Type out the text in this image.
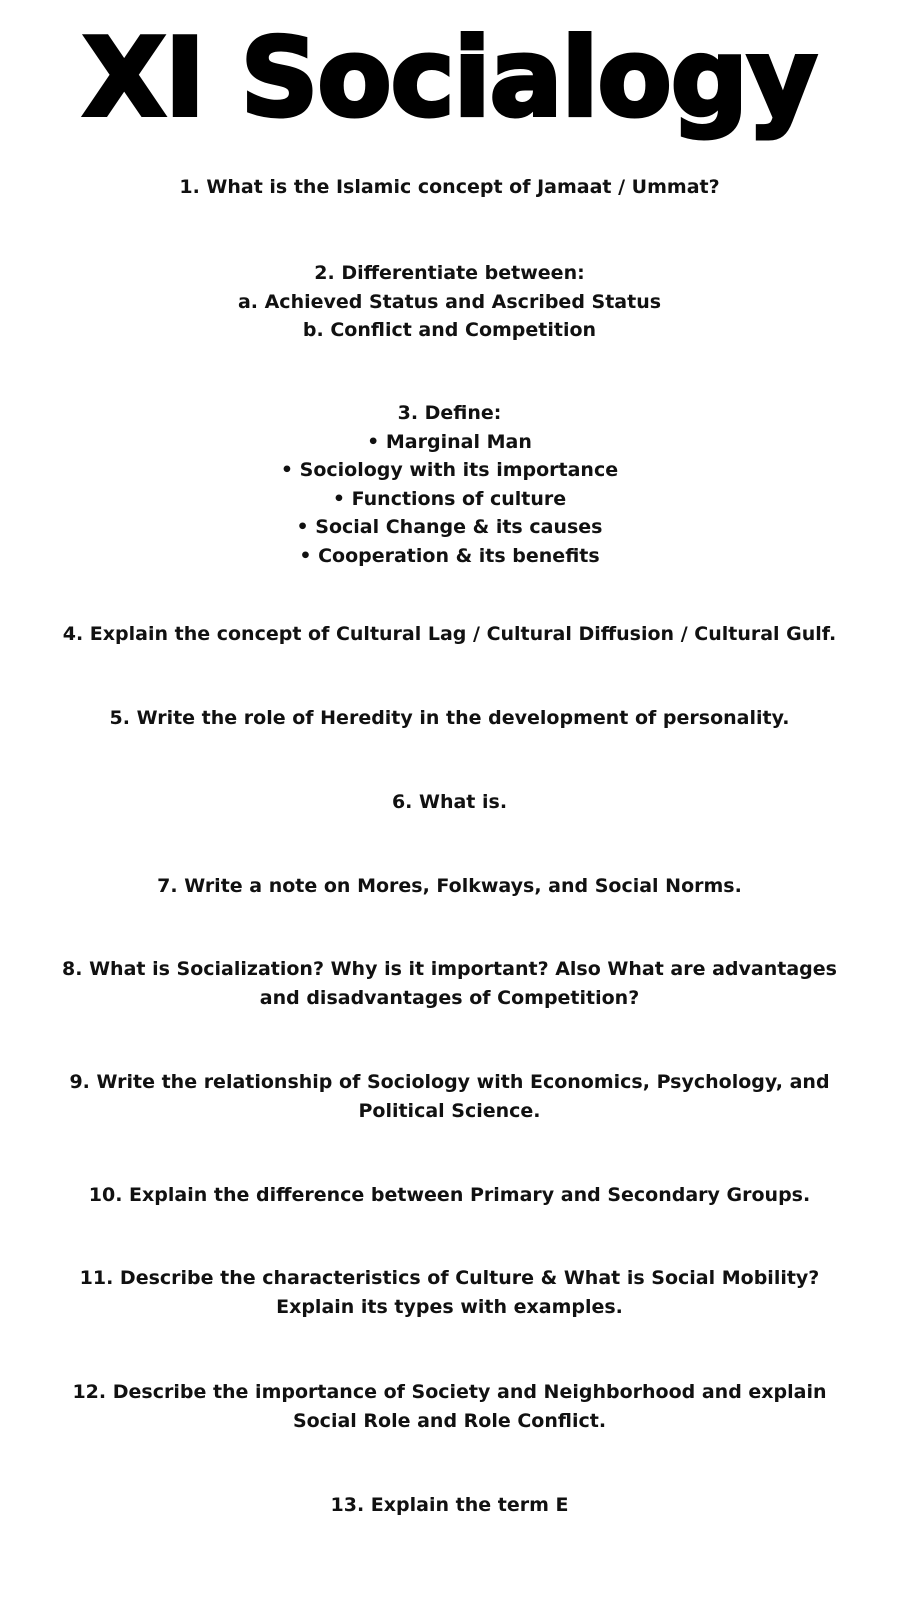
XI Socialogy
1. What is the Islamic concept of Jamaat / Ummat?
2. Differentiate between:
a. Achieved Status and Ascribed Status
b. Conflict and Competition
3. Define:
• Marginal Man
• Sociology with its importance
• Functions of culture
• Social Change & its causes
• Cooperation & its benefits
4. Explain the concept of Cultural Lag / Cultural Diffusion / Cultural Gulf.
5. Write the role of Heredity in the development of personality.
6. What is.
7. Write a note on Mores, Folkways, and Social Norms.
8. What is Socialization? Why is it important? Also What are advantages
and disadvantages of Competition?
9. Write the relationship of Sociology with Economics, Psychology, and
Political Science.
10. Explain the difference between Primary and Secondary Groups.
11. Describe the characteristics of Culture & What is Social Mobility?
Explain its types with examples.
12. Describe the importance of Society and Neighborhood and explain
Social Role and Role Conflict.
13. Explain the term E
